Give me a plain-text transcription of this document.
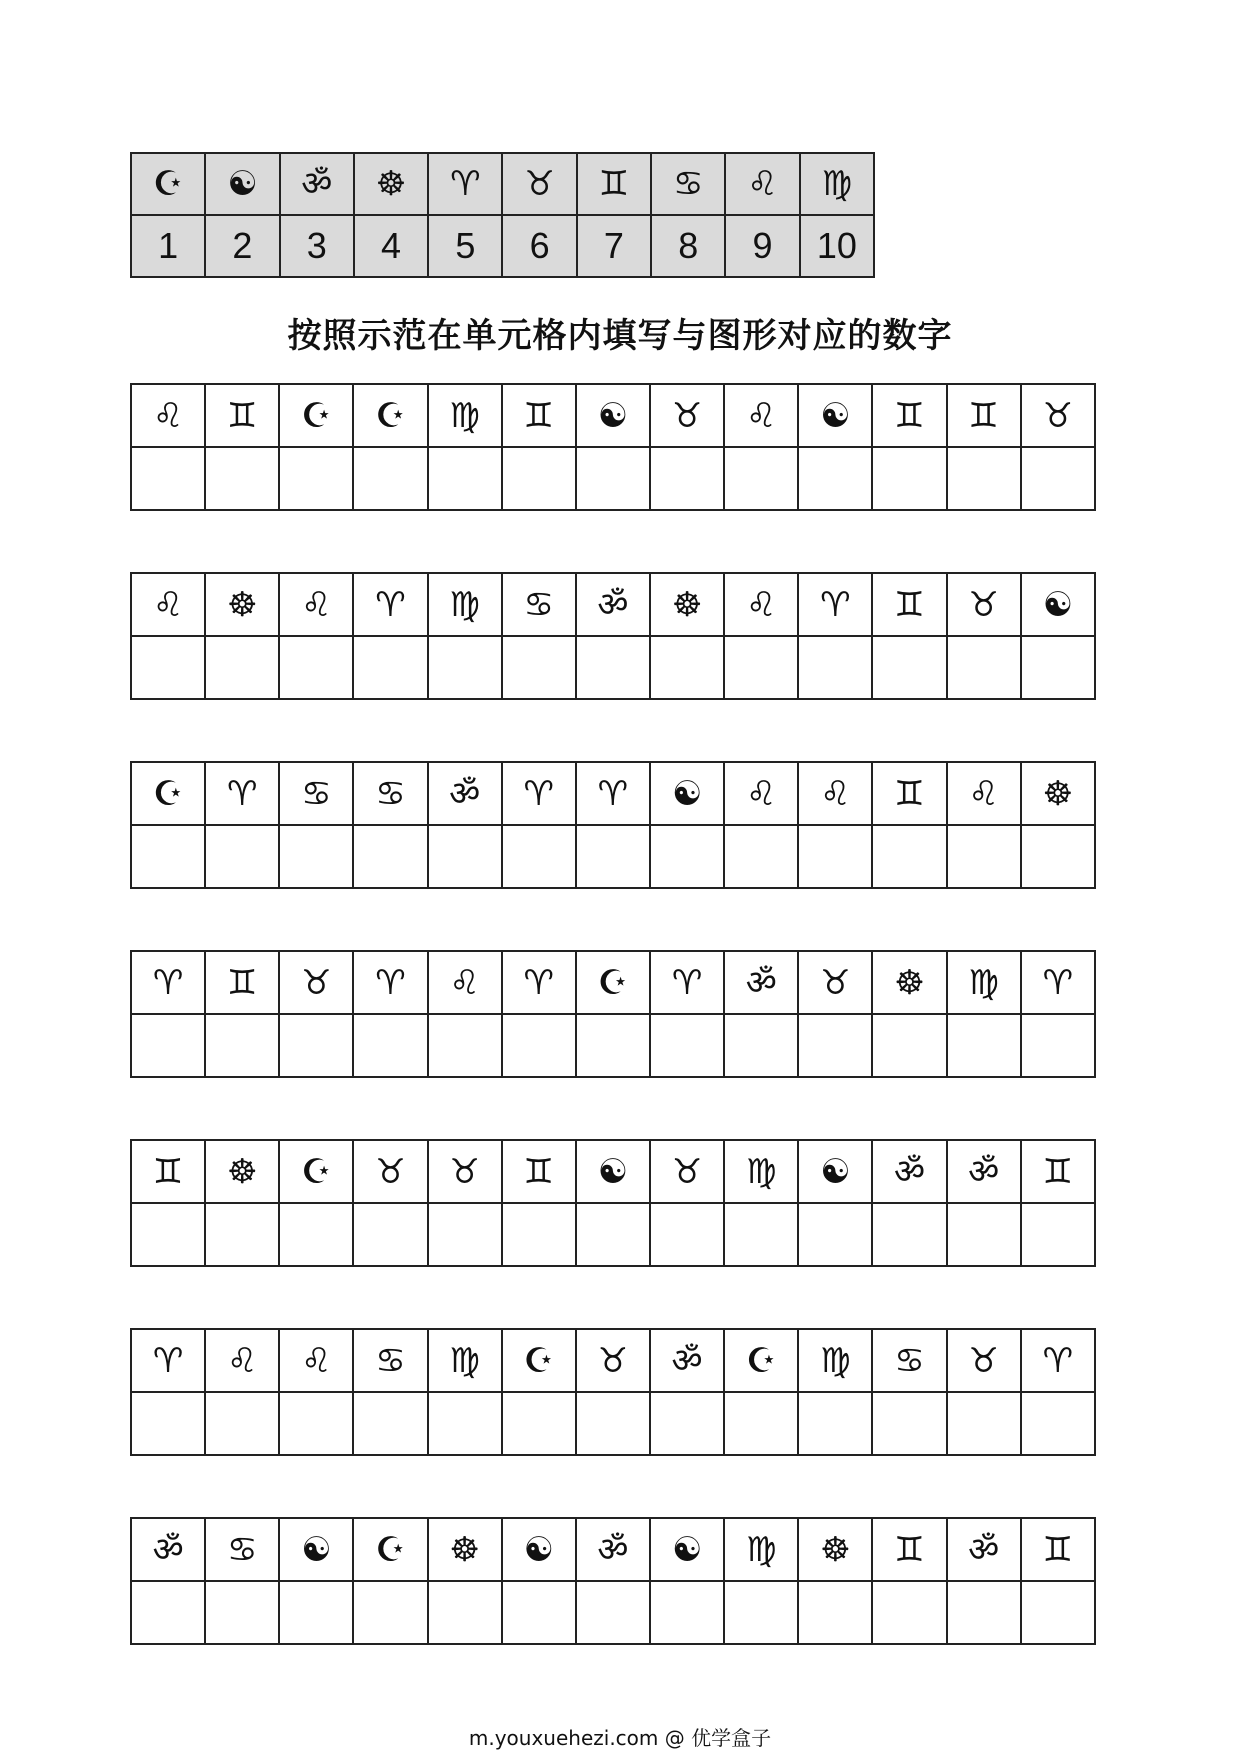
☪	☯	ॐ	☸	♈	♉	♊	♋	♌	♍
1	2	3	4	5	6	7	8	9	10
按照示范在单元格内填写与图形对应的数字
♌	♊	☪	☪	♍	♊	☯	♉	♌	☯	♊	♊	♉

♌	☸	♌	♈	♍	♋	ॐ	☸	♌	♈	♊	♉	☯

☪	♈	♋	♋	ॐ	♈	♈	☯	♌	♌	♊	♌	☸

♈	♊	♉	♈	♌	♈	☪	♈	ॐ	♉	☸	♍	♈

♊	☸	☪	♉	♉	♊	☯	♉	♍	☯	ॐ	ॐ	♊

♈	♌	♌	♋	♍	☪	♉	ॐ	☪	♍	♋	♉	♈

ॐ	♋	☯	☪	☸	☯	ॐ	☯	♍	☸	♊	ॐ	♊

m.youxuehezi.com @ 优学盒子
